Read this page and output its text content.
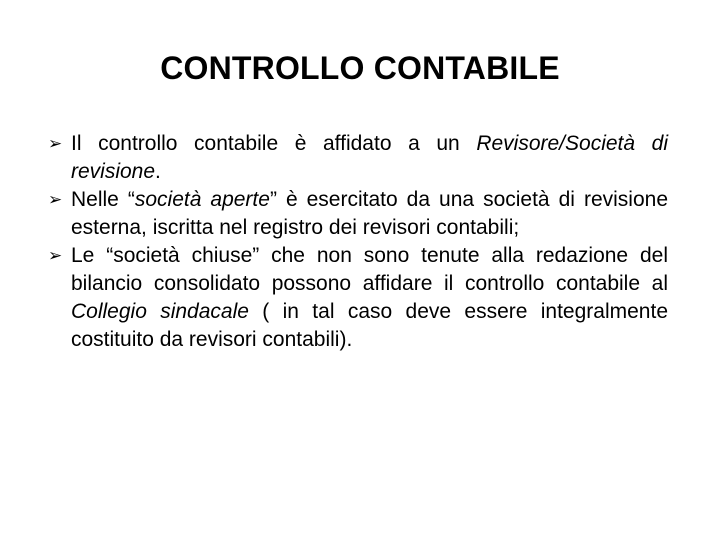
CONTROLLO CONTABILE
➢ Il controllo contabile è affidato a un Revisore/Società di revisione.
➢ Nelle “società aperte” è esercitato da una società di revisione esterna, iscritta nel registro dei revisori contabili;
➢ Le “società chiuse” che non sono tenute alla redazione del bilancio consolidato possono affidare il controllo contabile al Collegio sindacale ( in tal caso deve essere integralmente costituito da revisori contabili).
